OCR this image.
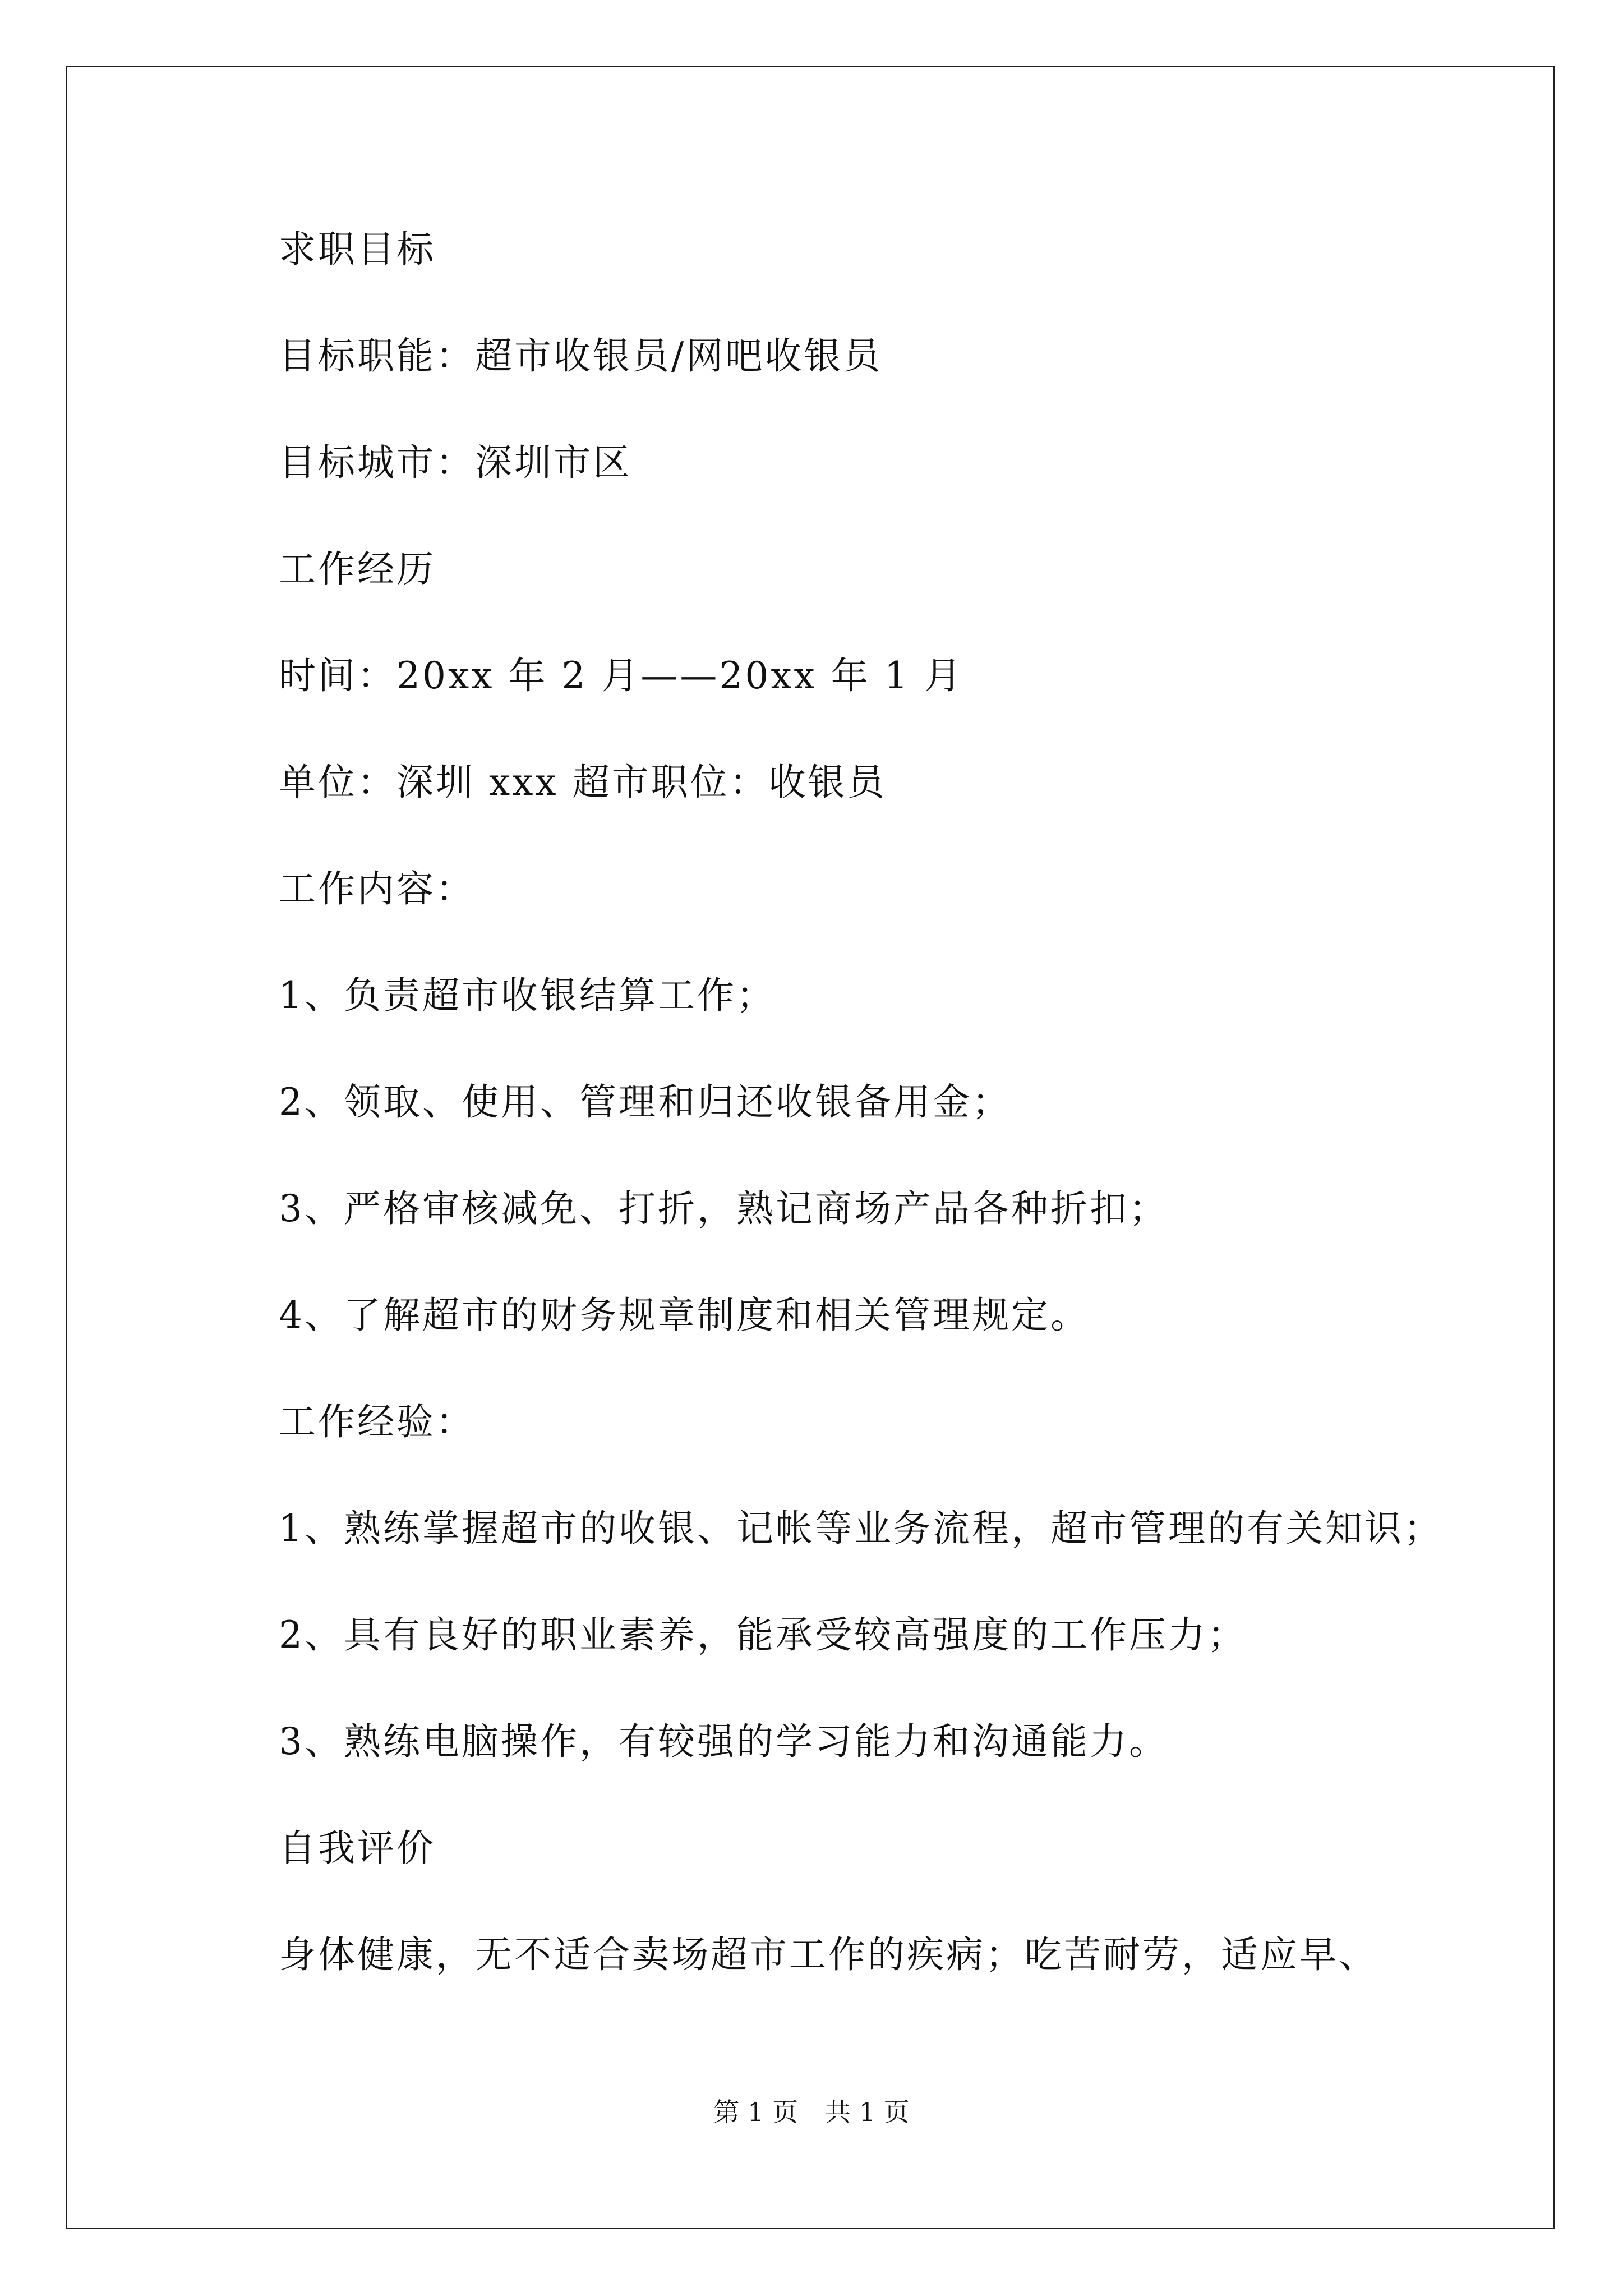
求职目标
目标职能：超市收银员/网吧收银员
目标城市：深圳市区
工作经历
时间：20xx 年 2 月——20xx 年 1 月
单位：深圳 xxx 超市职位：收银员
工作内容：
1、负责超市收银结算工作；
2、领取、使用、管理和归还收银备用金；
3、严格审核减免、打折，熟记商场产品各种折扣；
4、了解超市的财务规章制度和相关管理规定。
工作经验：
1、熟练掌握超市的收银、记帐等业务流程，超市管理的有关知识；
2、具有良好的职业素养，能承受较高强度的工作压力；
3、熟练电脑操作，有较强的学习能力和沟通能力。
自我评价
身体健康，无不适合卖场超市工作的疾病；吃苦耐劳，适应早、
第 1 页 共 1 页
